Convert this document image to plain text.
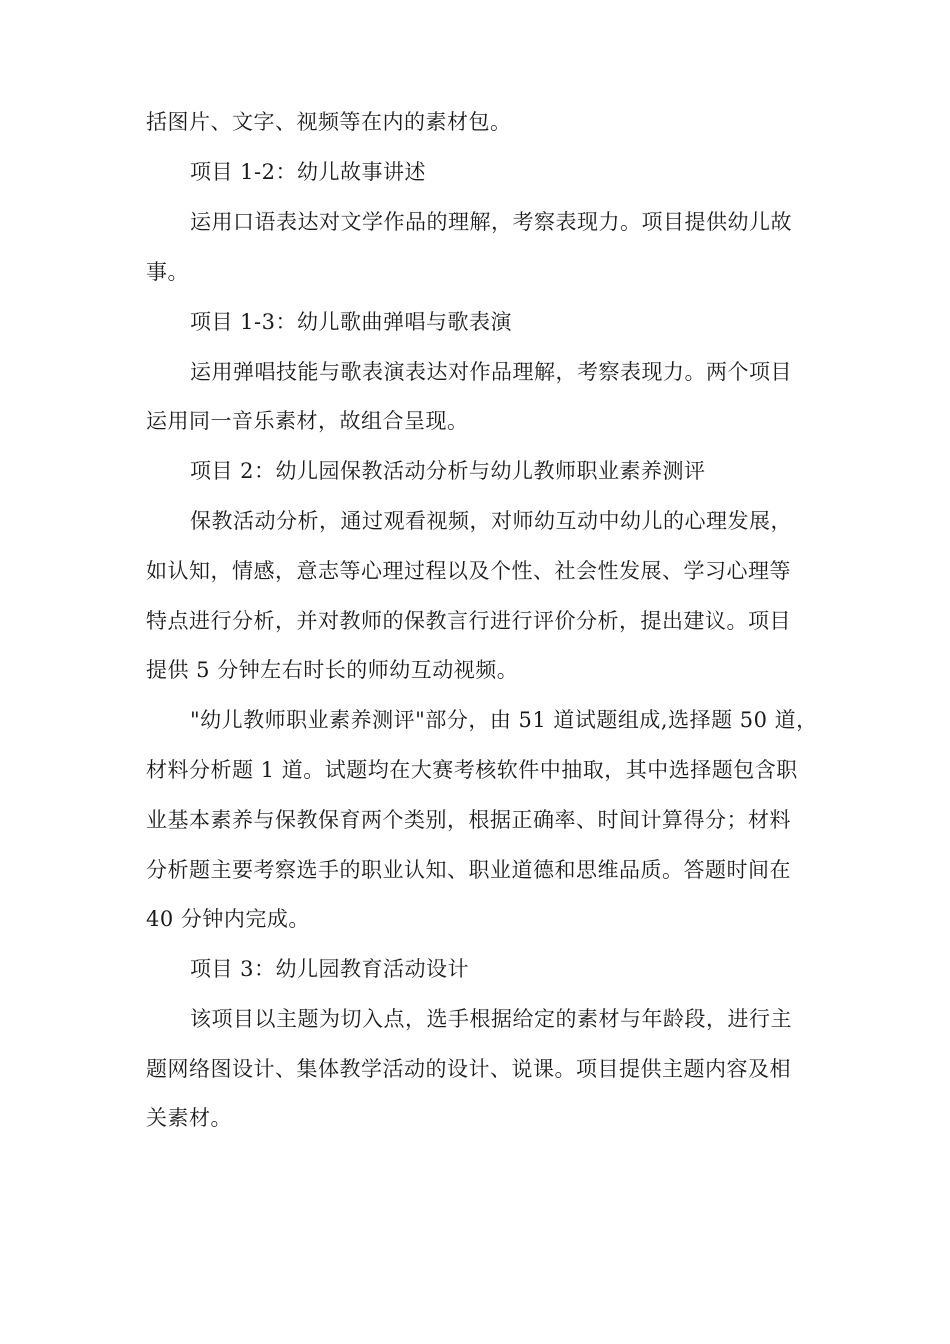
括图片、文字、视频等在内的素材包。
项目 1-2：幼儿故事讲述
运用口语表达对文学作品的理解，考察表现力。项目提供幼儿故
事。
项目 1-3：幼儿歌曲弹唱与歌表演
运用弹唱技能与歌表演表达对作品理解，考察表现力。两个项目
运用同一音乐素材，故组合呈现。
项目 2：幼儿园保教活动分析与幼儿教师职业素养测评
保教活动分析，通过观看视频，对师幼互动中幼儿的心理发展，
如认知，情感，意志等心理过程以及个性、社会性发展、学习心理等
特点进行分析，并对教师的保教言行进行评价分析，提出建议。项目
提供 5 分钟左右时长的师幼互动视频。
"幼儿教师职业素养测评"部分，由 51 道试题组成,选择题 50 道，
材料分析题 1 道。试题均在大赛考核软件中抽取，其中选择题包含职
业基本素养与保教保育两个类别，根据正确率、时间计算得分；材料
分析题主要考察选手的职业认知、职业道德和思维品质。答题时间在
40 分钟内完成。
项目 3：幼儿园教育活动设计
该项目以主题为切入点，选手根据给定的素材与年龄段，进行主
题网络图设计、集体教学活动的设计、说课。项目提供主题内容及相
关素材。
